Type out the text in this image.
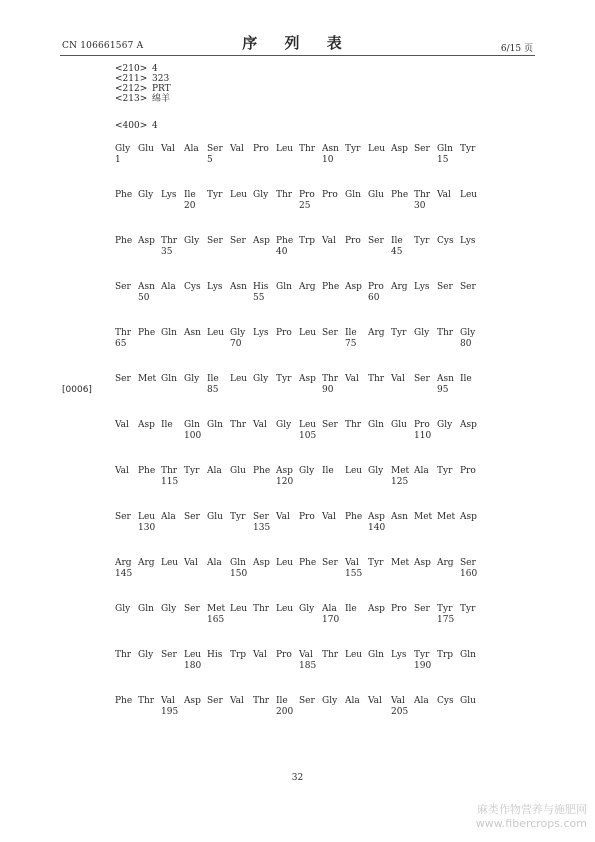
CN 106661567 A	序 列 表	6/15 页
<210> 4
<211> 323
<212> PRT
<213> 绵羊
<400> 4
[0006]
Gly Glu Val Ala Ser Val Pro Leu Thr Asn Tyr Leu Asp Ser Gln Tyr
1	5	10	15
Phe Gly Lys Ile Tyr Leu Gly Thr Pro Pro Gln Glu Phe Thr Val Leu
20	25	30
Phe Asp Thr Gly Ser Ser Asp Phe Trp Val Pro Ser Ile Tyr Cys Lys
35	40	45
Ser Asn Ala Cys Lys Asn His Gln Arg Phe Asp Pro Arg Lys Ser Ser
50	55	60
Thr Phe Gln Asn Leu Gly Lys Pro Leu Ser Ile Arg Tyr Gly Thr Gly
65	70	75	80
Ser Met Gln Gly Ile Leu Gly Tyr Asp Thr Val Thr Val Ser Asn Ile
85	90	95
Val Asp Ile Gln Gln Thr Val Gly Leu Ser Thr Gln Glu Pro Gly Asp
100	105	110
Val Phe Thr Tyr Ala Glu Phe Asp Gly Ile Leu Gly Met Ala Tyr Pro
115	120	125
Ser Leu Ala Ser Glu Tyr Ser Val Pro Val Phe Asp Asn Met Met Asp
130	135	140
Arg Arg Leu Val Ala Gln Asp Leu Phe Ser Val Tyr Met Asp Arg Ser
145	150	155	160
Gly Gln Gly Ser Met Leu Thr Leu Gly Ala Ile Asp Pro Ser Tyr Tyr
165	170	175
Thr Gly Ser Leu His Trp Val Pro Val Thr Leu Gln Lys Tyr Trp Gln
180	185	190
Phe Thr Val Asp Ser Val Thr Ile Ser Gly Ala Val Val Ala Cys Glu
195	200	205
32
麻类作物营养与施肥网
www.fibercrops.com
